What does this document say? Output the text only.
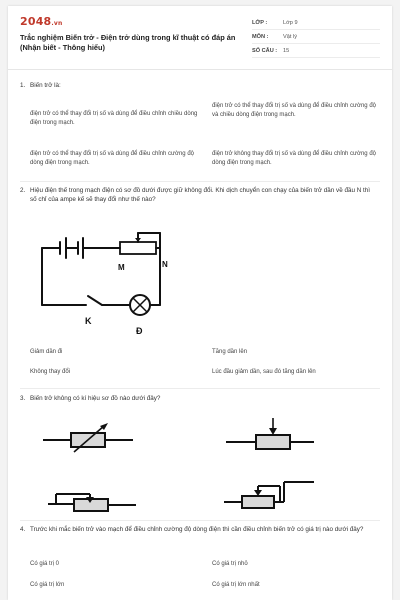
2048.vn
Trắc nghiệm Biến trở - Điện trở dùng trong kĩ thuật có đáp án (Nhận biết - Thông hiểu)
LỚP :	Lớp 9
MÔN :	Vật lý
SỐ CÂU :	15
1. Biến trở là:
điện trở có thể thay đổi trị số và dùng để điều chỉnh chiều dòng điện trong mạch.
điện trở có thể thay đổi trị số và dùng để điều chỉnh cường độ và chiều dòng điện trong mạch.
điện trở có thể thay đổi trị số và dùng để điều chỉnh cường độ dòng điện trong mạch.
điện trở không thay đổi trị số và dùng để điều chỉnh cường độ dòng điện trong mạch.
2. Hiệu điện thế trong mạch điện có sơ đồ dưới được giữ không đổi. Khi dịch chuyển con chạy của biến trở dần về đầu N thì số chỉ của ampe kế sẽ thay đổi như thế nào?
M	N
K
Đ
Giảm dần đi	Tăng dần lên
Không thay đổi	Lúc đầu giảm dần, sau đó tăng dần lên
3. Biến trở không có kí hiệu sơ đồ nào dưới đây?
4. Trước khi mắc biến trở vào mạch để điều chỉnh cường độ dòng điện thì cần điều chỉnh biến trở có giá trị nào dưới đây?
Có giá trị 0	Có giá trị nhỏ
Có giá trị lớn	Có giá trị lớn nhất
